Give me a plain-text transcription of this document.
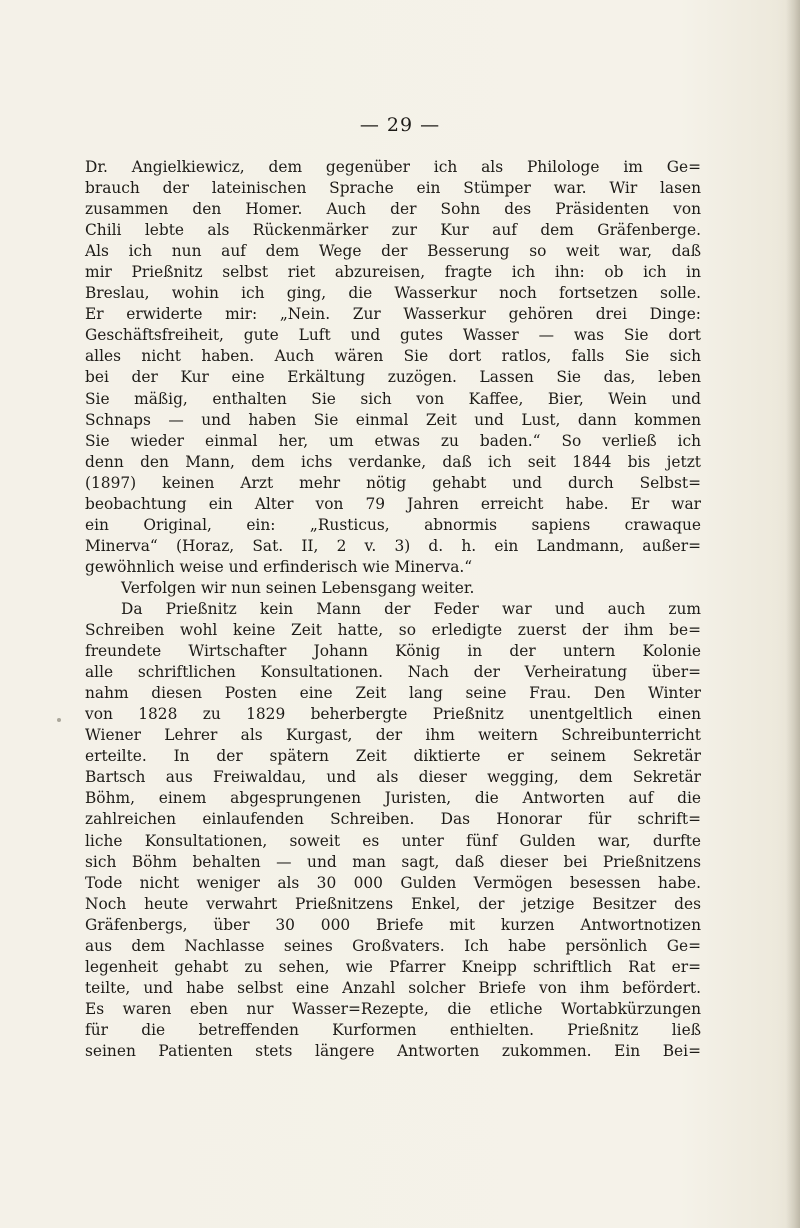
— 29 —
Dr. Angielkiewicz, dem gegenüber ich als Philologe im Ge=
brauch der lateinischen Sprache ein Stümper war. Wir lasen
zusammen den Homer. Auch der Sohn des Präsidenten von
Chili lebte als Rückenmärker zur Kur auf dem Gräfenberge.
Als ich nun auf dem Wege der Besserung so weit war, daß
mir Prießnitz selbst riet abzureisen, fragte ich ihn: ob ich in
Breslau, wohin ich ging, die Wasserkur noch fortsetzen solle.
Er erwiderte mir: „Nein. Zur Wasserkur gehören drei Dinge:
Geschäftsfreiheit, gute Luft und gutes Wasser — was Sie dort
alles nicht haben. Auch wären Sie dort ratlos, falls Sie sich
bei der Kur eine Erkältung zuzögen. Lassen Sie das, leben
Sie mäßig, enthalten Sie sich von Kaffee, Bier, Wein und
Schnaps — und haben Sie einmal Zeit und Lust, dann kommen
Sie wieder einmal her, um etwas zu baden.“ So verließ ich
denn den Mann, dem ichs verdanke, daß ich seit 1844 bis jetzt
(1897) keinen Arzt mehr nötig gehabt und durch Selbst=
beobachtung ein Alter von 79 Jahren erreicht habe. Er war
ein Original, ein: „Rusticus, abnormis sapiens crawaque
Minerva“ (Horaz, Sat. II, 2 v. 3) d. h. ein Landmann, außer=
gewöhnlich weise und erfinderisch wie Minerva.“
Verfolgen wir nun seinen Lebensgang weiter.
Da Prießnitz kein Mann der Feder war und auch zum
Schreiben wohl keine Zeit hatte, so erledigte zuerst der ihm be=
freundete Wirtschafter Johann König in der untern Kolonie
alle schriftlichen Konsultationen. Nach der Verheiratung über=
nahm diesen Posten eine Zeit lang seine Frau. Den Winter
von 1828 zu 1829 beherbergte Prießnitz unentgeltlich einen
Wiener Lehrer als Kurgast, der ihm weitern Schreibunterricht
erteilte. In der spätern Zeit diktierte er seinem Sekretär
Bartsch aus Freiwaldau, und als dieser wegging, dem Sekretär
Böhm, einem abgesprungenen Juristen, die Antworten auf die
zahlreichen einlaufenden Schreiben. Das Honorar für schrift=
liche Konsultationen, soweit es unter fünf Gulden war, durfte
sich Böhm behalten — und man sagt, daß dieser bei Prießnitzens
Tode nicht weniger als 30 000 Gulden Vermögen besessen habe.
Noch heute verwahrt Prießnitzens Enkel, der jetzige Besitzer des
Gräfenbergs, über 30 000 Briefe mit kurzen Antwortnotizen
aus dem Nachlasse seines Großvaters. Ich habe persönlich Ge=
legenheit gehabt zu sehen, wie Pfarrer Kneipp schriftlich Rat er=
teilte, und habe selbst eine Anzahl solcher Briefe von ihm befördert.
Es waren eben nur Wasser=Rezepte, die etliche Wortabkürzungen
für die betreffenden Kurformen enthielten. Prießnitz ließ
seinen Patienten stets längere Antworten zukommen. Ein Bei=
